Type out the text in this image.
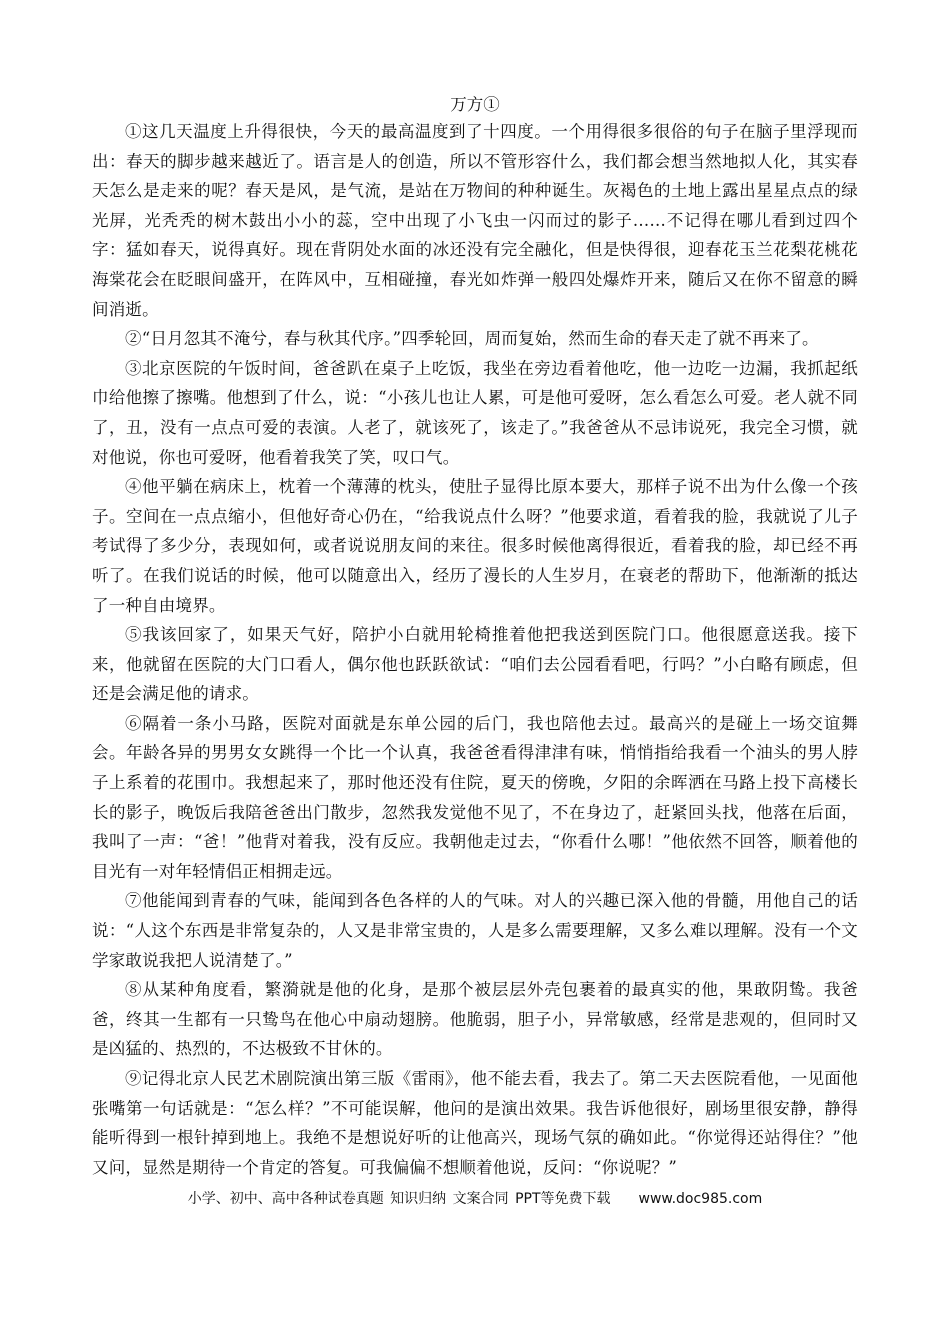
万方①

①这几天温度上升得很快，今天的最高温度到了十四度。一个用得很多很俗的句子在脑子里浮现而出：春天的脚步越来越近了。语言是人的创造，所以不管形容什么，我们都会想当然地拟人化，其实春天怎么是走来的呢？春天是风，是气流，是站在万物间的种种诞生。灰褐色的土地上露出星星点点的绿光屏，光秃秃的树木鼓出小小的蕊，空中出现了小飞虫一闪而过的影子……不记得在哪儿看到过四个字：猛如春天，说得真好。现在背阴处水面的冰还没有完全融化，但是快得很，迎春花玉兰花梨花桃花海棠花会在眨眼间盛开，在阵风中，互相碰撞，春光如炸弹一般四处爆炸开来，随后又在你不留意的瞬间消逝。

②“日月忽其不淹兮，春与秋其代序。”四季轮回，周而复始，然而生命的春天走了就不再来了。

③北京医院的午饭时间，爸爸趴在桌子上吃饭，我坐在旁边看着他吃，他一边吃一边漏，我抓起纸巾给他擦了擦嘴。他想到了什么，说：“小孩儿也让人累，可是他可爱呀，怎么看怎么可爱。老人就不同了，丑，没有一点点可爱的表演。人老了，就该死了，该走了。”我爸爸从不忌讳说死，我完全习惯，就对他说，你也可爱呀，他看着我笑了笑，叹口气。

④他平躺在病床上，枕着一个薄薄的枕头，使肚子显得比原本要大，那样子说不出为什么像一个孩子。空间在一点点缩小，但他好奇心仍在，“给我说点什么呀？”他要求道，看着我的脸，我就说了儿子考试得了多少分，表现如何，或者说说朋友间的来往。很多时候他离得很近，看着我的脸，却已经不再听了。在我们说话的时候，他可以随意出入，经历了漫长的人生岁月，在衰老的帮助下，他渐渐的抵达了一种自由境界。

⑤我该回家了，如果天气好，陪护小白就用轮椅推着他把我送到医院门口。他很愿意送我。接下来，他就留在医院的大门口看人，偶尔他也跃跃欲试：“咱们去公园看看吧，行吗？”小白略有顾虑，但还是会满足他的请求。

⑥隔着一条小马路，医院对面就是东单公园的后门，我也陪他去过。最高兴的是碰上一场交谊舞会。年龄各异的男男女女跳得一个比一个认真，我爸爸看得津津有味，悄悄指给我看一个油头的男人脖子上系着的花围巾。我想起来了，那时他还没有住院，夏天的傍晚，夕阳的余晖洒在马路上投下高楼长长的影子，晚饭后我陪爸爸出门散步，忽然我发觉他不见了，不在身边了，赶紧回头找，他落在后面，我叫了一声：“爸！”他背对着我，没有反应。我朝他走过去，“你看什么哪！”他依然不回答，顺着他的目光有一对年轻情侣正相拥走远。

⑦他能闻到青春的气味，能闻到各色各样的人的气味。对人的兴趣已深入他的骨髓，用他自己的话说：“人这个东西是非常复杂的，人又是非常宝贵的，人是多么需要理解，又多么难以理解。没有一个文学家敢说我把人说清楚了。”

⑧从某种角度看，繁漪就是他的化身，是那个被层层外壳包裹着的最真实的他，果敢阴鸷。我爸爸，终其一生都有一只鸷鸟在他心中扇动翅膀。他脆弱，胆子小，异常敏感，经常是悲观的，但同时又是凶猛的、热烈的，不达极致不甘休的。

⑨记得北京人民艺术剧院演出第三版《雷雨》，他不能去看，我去了。第二天去医院看他，一见面他张嘴第一句话就是：“怎么样？”不可能误解，他问的是演出效果。我告诉他很好，剧场里很安静，静得能听得到一根针掉到地上。我绝不是想说好听的让他高兴，现场气氛的确如此。“你觉得还站得住？”他又问，显然是期待一个肯定的答复。可我偏偏不想顺着他说，反问：“你说呢？”

小学、初中、高中各种试卷真题 知识归纳 文案合同 PPT等免费下载 www.doc985.com
